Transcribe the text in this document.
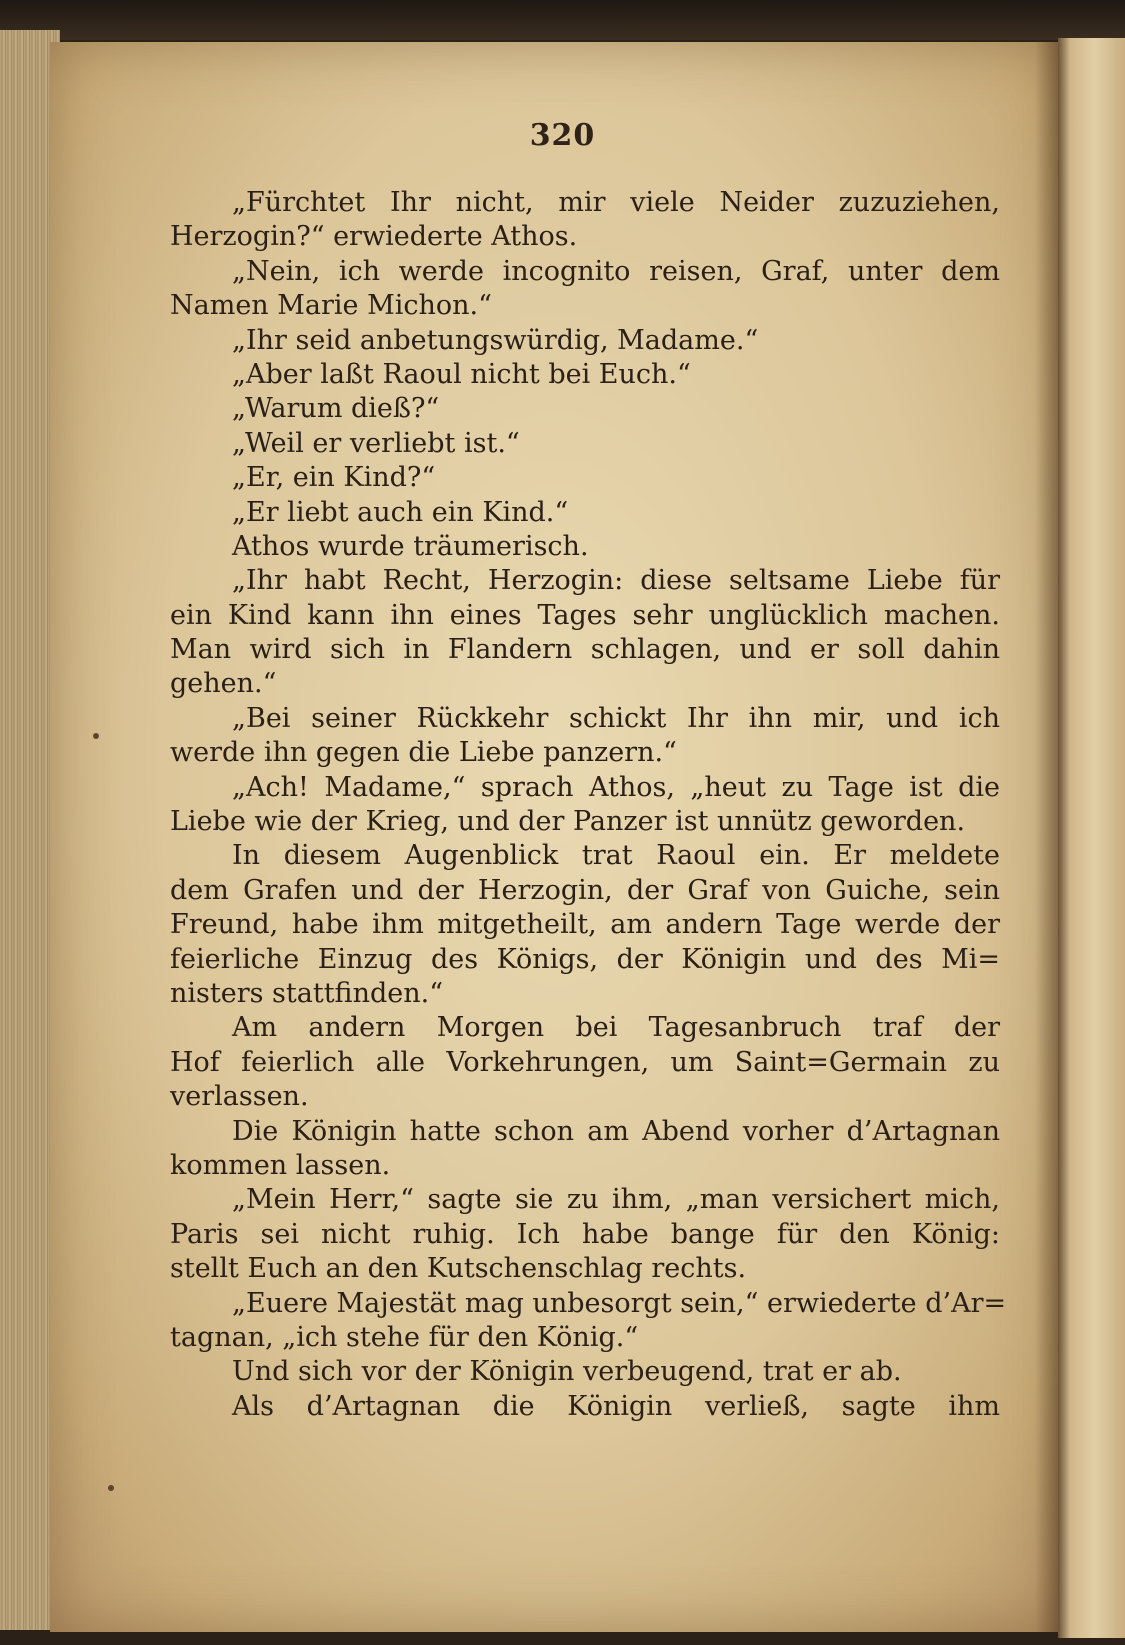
320
„Fürchtet Ihr nicht, mir viele Neider zuzuziehen,
Herzogin?“ erwiederte Athos.
„Nein, ich werde incognito reisen, Graf, unter dem
Namen Marie Michon.“
„Ihr seid anbetungswürdig, Madame.“
„Aber laßt Raoul nicht bei Euch.“
„Warum dieß?“
„Weil er verliebt ist.“
„Er, ein Kind?“
„Er liebt auch ein Kind.“
Athos wurde träumerisch.
„Ihr habt Recht, Herzogin: diese seltsame Liebe für
ein Kind kann ihn eines Tages sehr unglücklich machen.
Man wird sich in Flandern schlagen, und er soll dahin
gehen.“
„Bei seiner Rückkehr schickt Ihr ihn mir, und ich
werde ihn gegen die Liebe panzern.“
„Ach! Madame,“ sprach Athos, „heut zu Tage ist die
Liebe wie der Krieg, und der Panzer ist unnütz geworden.
In diesem Augenblick trat Raoul ein. Er meldete
dem Grafen und der Herzogin, der Graf von Guiche, sein
Freund, habe ihm mitgetheilt, am andern Tage werde der
feierliche Einzug des Königs, der Königin und des Mi=
nisters stattfinden.“
Am andern Morgen bei Tagesanbruch traf der
Hof feierlich alle Vorkehrungen, um Saint=Germain zu
verlassen.
Die Königin hatte schon am Abend vorher d’Artagnan
kommen lassen.
„Mein Herr,“ sagte sie zu ihm, „man versichert mich,
Paris sei nicht ruhig. Ich habe bange für den König:
stellt Euch an den Kutschenschlag rechts.
„Euere Majestät mag unbesorgt sein,“ erwiederte d’Ar=
tagnan, „ich stehe für den König.“
Und sich vor der Königin verbeugend, trat er ab.
Als d’Artagnan die Königin verließ, sagte ihm
